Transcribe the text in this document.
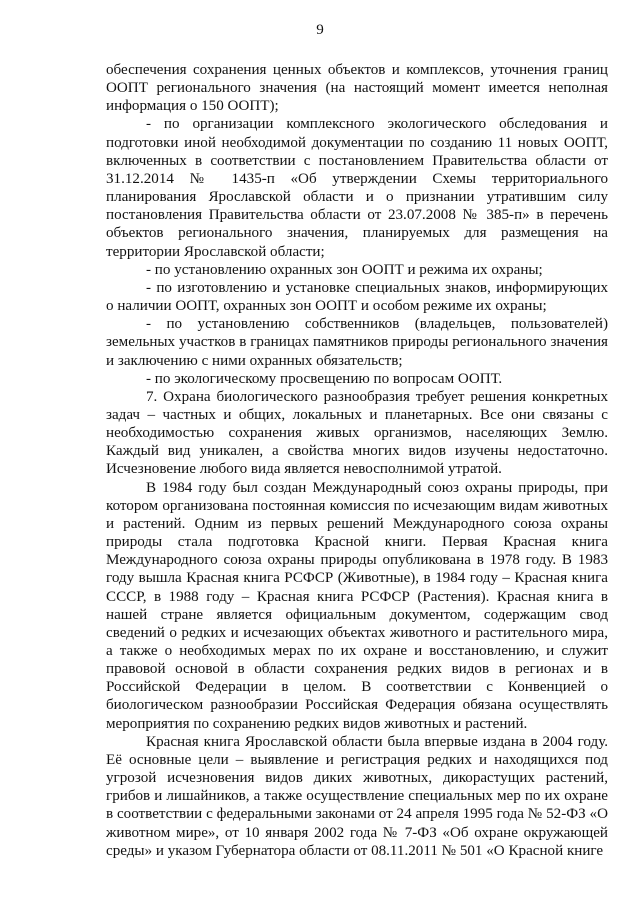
9

обеспечения сохранения ценных объектов и комплексов, уточнения границ ООПТ регионального значения (на настоящий момент имеется неполная информация о 150 ООПТ);

- по организации комплексного экологического обследования и подготовки иной необходимой документации по созданию 11 новых ООПТ, включенных в соответствии с постановлением Правительства области от 31.12.2014 № 1435-п «Об утверждении Схемы территориального планирования Ярославской области и о признании утратившим силу постановления Правительства области от 23.07.2008 № 385-п» в перечень объектов регионального значения, планируемых для размещения на территории Ярославской области;

- по установлению охранных зон ООПТ и режима их охраны;

- по изготовлению и установке специальных знаков, информирующих о наличии ООПТ, охранных зон ООПТ и особом режиме их охраны;

- по установлению собственников (владельцев, пользователей) земельных участков в границах памятников природы регионального значения и заключению с ними охранных обязательств;

- по экологическому просвещению по вопросам ООПТ.

7. Охрана биологического разнообразия требует решения конкретных задач – частных и общих, локальных и планетарных. Все они связаны с необходимостью сохранения живых организмов, населяющих Землю. Каждый вид уникален, а свойства многих видов изучены недостаточно. Исчезновение любого вида является невосполнимой утратой.

В 1984 году был создан Международный союз охраны природы, при котором организована постоянная комиссия по исчезающим видам животных и растений. Одним из первых решений Международного союза охраны природы стала подготовка Красной книги. Первая Красная книга Международного союза охраны природы опубликована в 1978 году. В 1983 году вышла Красная книга РСФСР (Животные), в 1984 году – Красная книга СССР, в 1988 году – Красная книга РСФСР (Растения). Красная книга в нашей стране является официальным документом, содержащим свод сведений о редких и исчезающих объектах животного и растительного мира, а также о необходимых мерах по их охране и восстановлению, и служит правовой основой в области сохранения редких видов в регионах и в Российской Федерации в целом. В соответствии с Конвенцией о биологическом разнообразии Российская Федерация обязана осуществлять мероприятия по сохранению редких видов животных и растений.

Красная книга Ярославской области была впервые издана в 2004 году. Её основные цели – выявление и регистрация редких и находящихся под угрозой исчезновения видов диких животных, дикорастущих растений, грибов и лишайников, а также осуществление специальных мер по их охране в соответствии с федеральными законами от 24 апреля 1995 года № 52-ФЗ «О животном мире», от 10 января 2002 года № 7-ФЗ «Об охране окружающей среды» и указом Губернатора области от 08.11.2011 № 501 «О Красной книге
